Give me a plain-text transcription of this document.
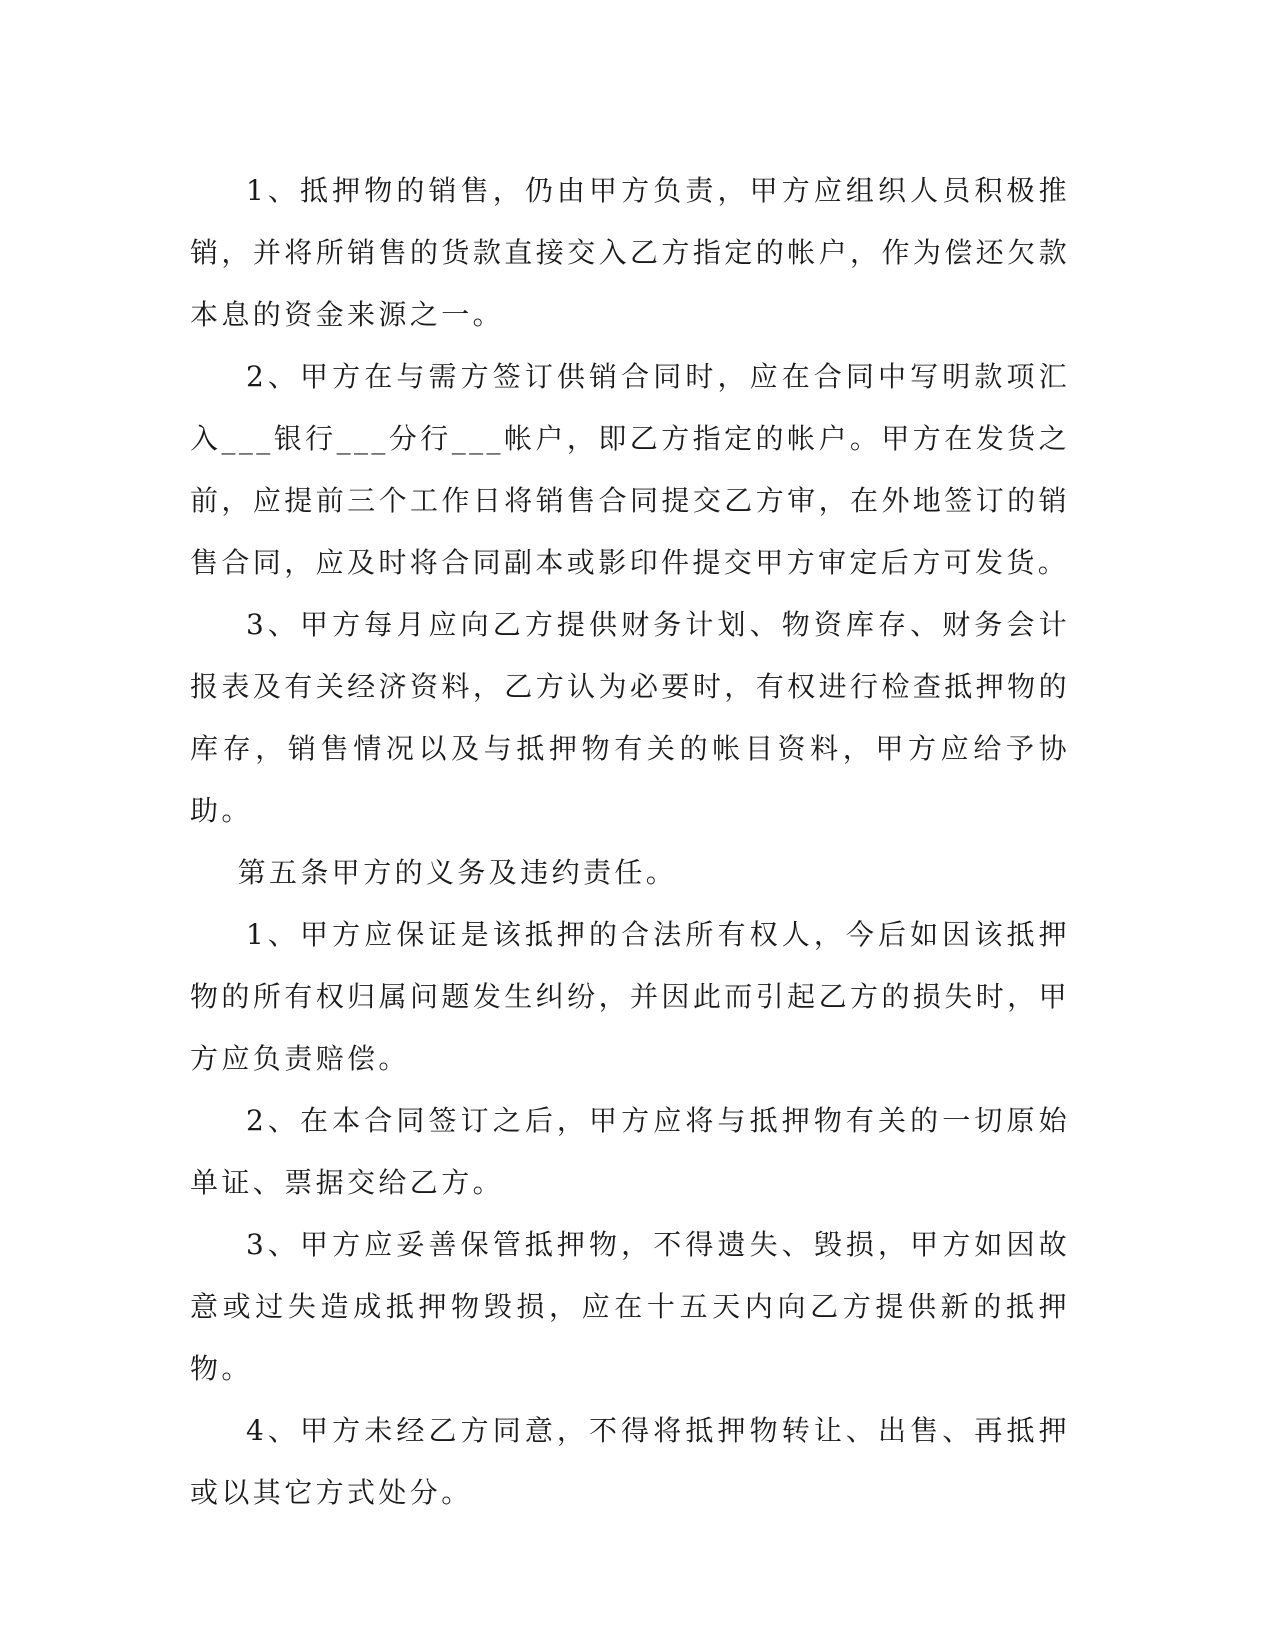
1、抵押物的销售，仍由甲方负责，甲方应组织人员积极推销，并将所销售的货款直接交入乙方指定的帐户，作为偿还欠款本息的资金来源之一。

2、甲方在与需方签订供销合同时，应在合同中写明款项汇入___银行___分行___帐户，即乙方指定的帐户。甲方在发货之前，应提前三个工作日将销售合同提交乙方审，在外地签订的销售合同，应及时将合同副本或影印件提交甲方审定后方可发货。

3、甲方每月应向乙方提供财务计划、物资库存、财务会计报表及有关经济资料，乙方认为必要时，有权进行检查抵押物的库存，销售情况以及与抵押物有关的帐目资料，甲方应给予协助。

第五条甲方的义务及违约责任。

1、甲方应保证是该抵押的合法所有权人，今后如因该抵押物的所有权归属问题发生纠纷，并因此而引起乙方的损失时，甲方应负责赔偿。

2、在本合同签订之后，甲方应将与抵押物有关的一切原始单证、票据交给乙方。

3、甲方应妥善保管抵押物，不得遗失、毁损，甲方如因故意或过失造成抵押物毁损，应在十五天内向乙方提供新的抵押物。

4、甲方未经乙方同意，不得将抵押物转让、出售、再抵押或以其它方式处分。
